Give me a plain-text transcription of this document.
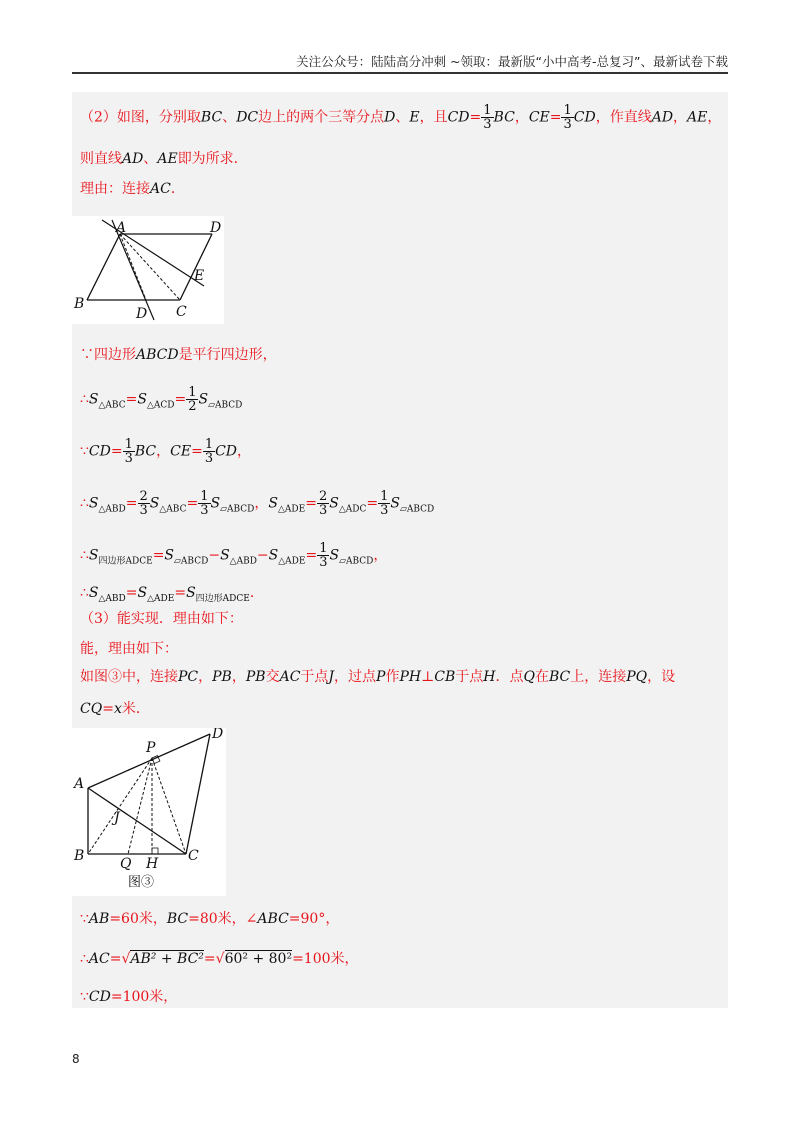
关注公众号：陆陆高分冲刺 ~领取：最新版“小中高考-总复习”、最新试卷下载
（2）如图，分别取BC、DC边上的两个三等分点D、E，且$CD= \frac{1}{3}$ BC，$CE= \frac{1}{3}$ CD，作直线AD，AE，
则直线AD、AE即为所求．
理由：连接AC．
A	D
B
D C
E
∵四边形ABCD是平行四边形，
$\therefore S_{\triangle ABC}=S_{\triangle ACD}= \frac{1}{2} S_{▱ABCD}$
∵CD= $\frac{1}{3}$ BC，$CE= \frac{1}{3}$ CD，
$\therefore S_{\triangle ABD}= \frac{2}{3} S_{\triangle ABC}= \frac{1}{3} S_{▱ABCD}$，$S_{\triangle ADE}= \frac{2}{3} S_{\triangle ADC}= \frac{1}{3} S_{▱ABCD}$
$\therefore S_{四边形ADCE}=S_{▱ABCD}-S_{\triangle ABD}-S_{\triangle ADE}= \frac{1}{3} S_{▱ABCD}$，
$\therefore S_{\triangle ABD}=S_{\triangle ADE}=S_{四边形ADCE}$．
（3）能实现．理由如下：
能，理由如下：
如图③中，连接PC，PB，PB交AC于点J，过点P作PH⊥CB于点H．点Q在BC上，连接PQ，设
CQ=x米．
P
D
A
J
B	Q H C
图③
∵AB=60米，BC=80米，∠ABC=90°，
∴AC=√AB² + BC²=√60² + 80²=100米，
∵CD=100米，
8
